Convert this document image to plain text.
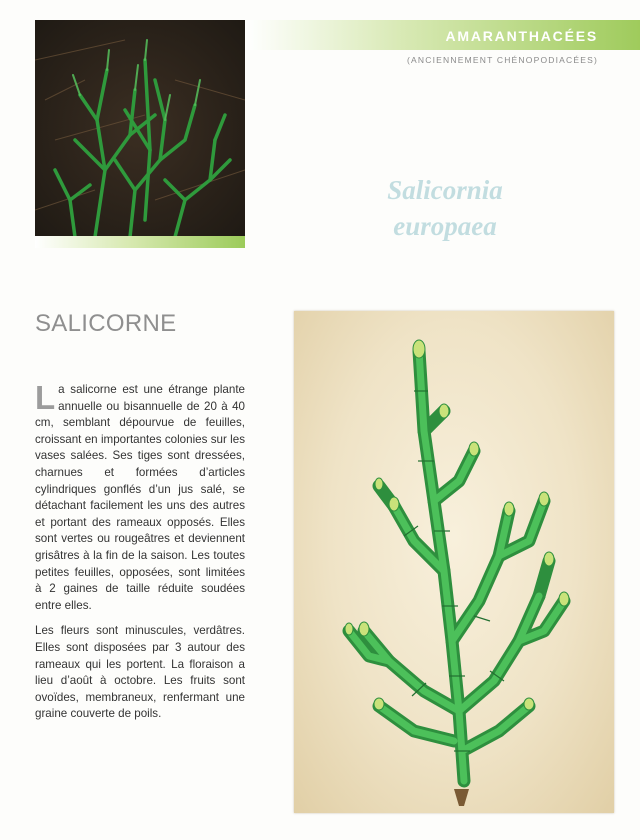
AMARANTHACÉES

(ANCIENNEMENT CHÉNOPODIACÉES)

Salicornia
europaea
SALICORNE

La salicorne est une étrange plante annuelle ou bisannuelle de 20 à 40 cm, semblant dépourvue de feuilles, croissant en importantes colonies sur les vases salées. Ses tiges sont dressées, charnues et formées d’articles cylindriques gonflés d’un jus salé, se détachant facilement les uns des autres et portant des rameaux opposés. Elles sont vertes ou rougeâtres et deviennent grisâtres à la fin de la saison. Les toutes petites feuilles, opposées, sont limitées à 2 gaines de taille réduite soudées entre elles.

Les fleurs sont minuscules, verdâtres. Elles sont disposées par 3 autour des rameaux qui les portent. La floraison a lieu d’août à octobre. Les fruits sont ovoïdes, membraneux, renfermant une graine couverte de poils.
